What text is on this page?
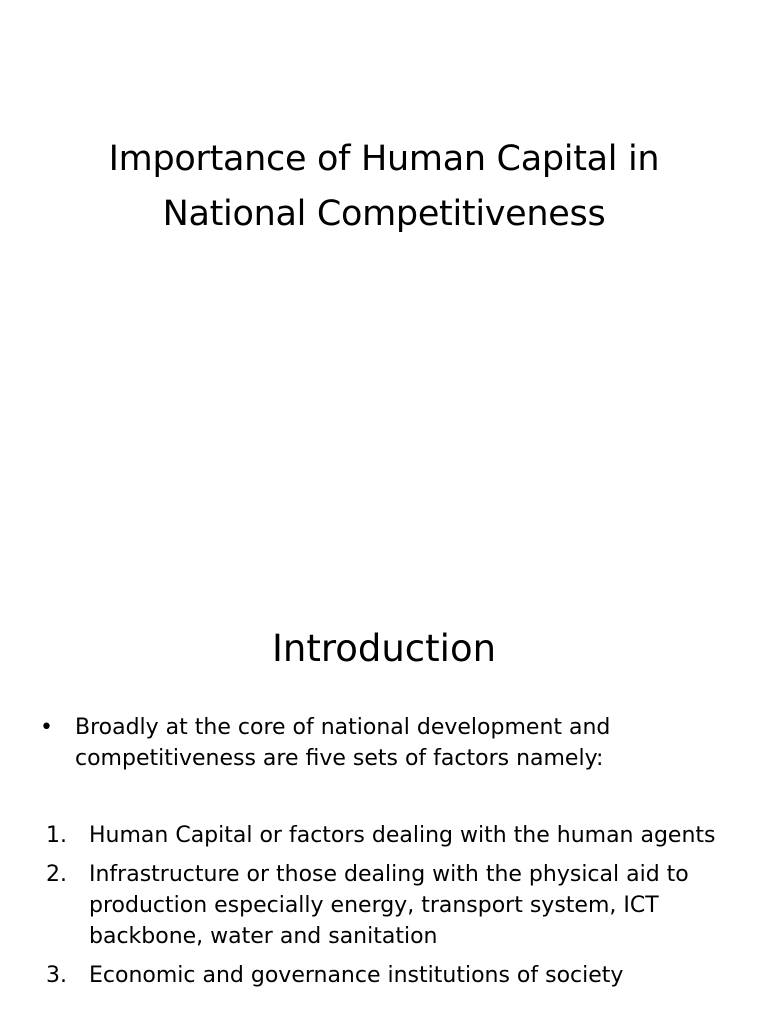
Importance of Human Capital in
National Competitiveness
Introduction
•	Broadly at the core of national development and competitiveness are five sets of factors namely:
1.	Human Capital or factors dealing with the human agents
2.	Infrastructure or those dealing with the physical aid to production especially energy, transport system, ICT backbone, water and sanitation
3.	Economic and governance institutions of society
